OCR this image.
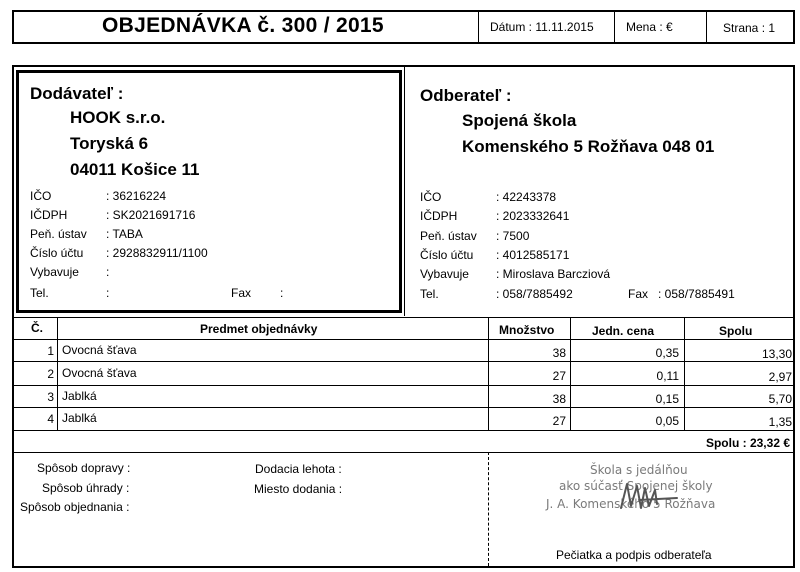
OBJEDNÁVKA č. 300 / 2015	Dátum : 11.11.2015	Mena : €	Strana : 1
Dodávateľ :
HOOK s.r.o.
Toryská 6
04011 Košice 11
IČO	: 36216224
IČDPH	: SK2021691716
Peň. ústav : TABA
Číslo účtu : 2928832911/1100
Vybavuje :
Tel.	:	Fax :
Odberateľ :
Spojená škola
Komenského 5 Rožňava 048 01
IČO	: 42243378
IČDPH	: 2023332641
Peň. ústav : 7500
Číslo účtu : 4012585171
Vybavuje : Miroslava Barcziová
Tel.	: 058/7885492	Fax : 058/7885491
Č.	Predmet objednávky	Množstvo	Jedn. cena	Spolu
1 Ovocná šťava	38	0,35	13,30
2 Ovocná šťava	27	0,11	2,97
3 Jablká	38	0,15	5,70
4 Jablká	27	0,05	1,35
Spolu : 23,32 €
Spôsob dopravy :
Spôsob úhrady :
Spôsob objednania :
Dodacia lehota :
Miesto dodania :
Škola s jedálňou
ako súčasť Spojenej školy
J. A. Komenského 5 Rožňava
Pečiatka a podpis odberateľa
